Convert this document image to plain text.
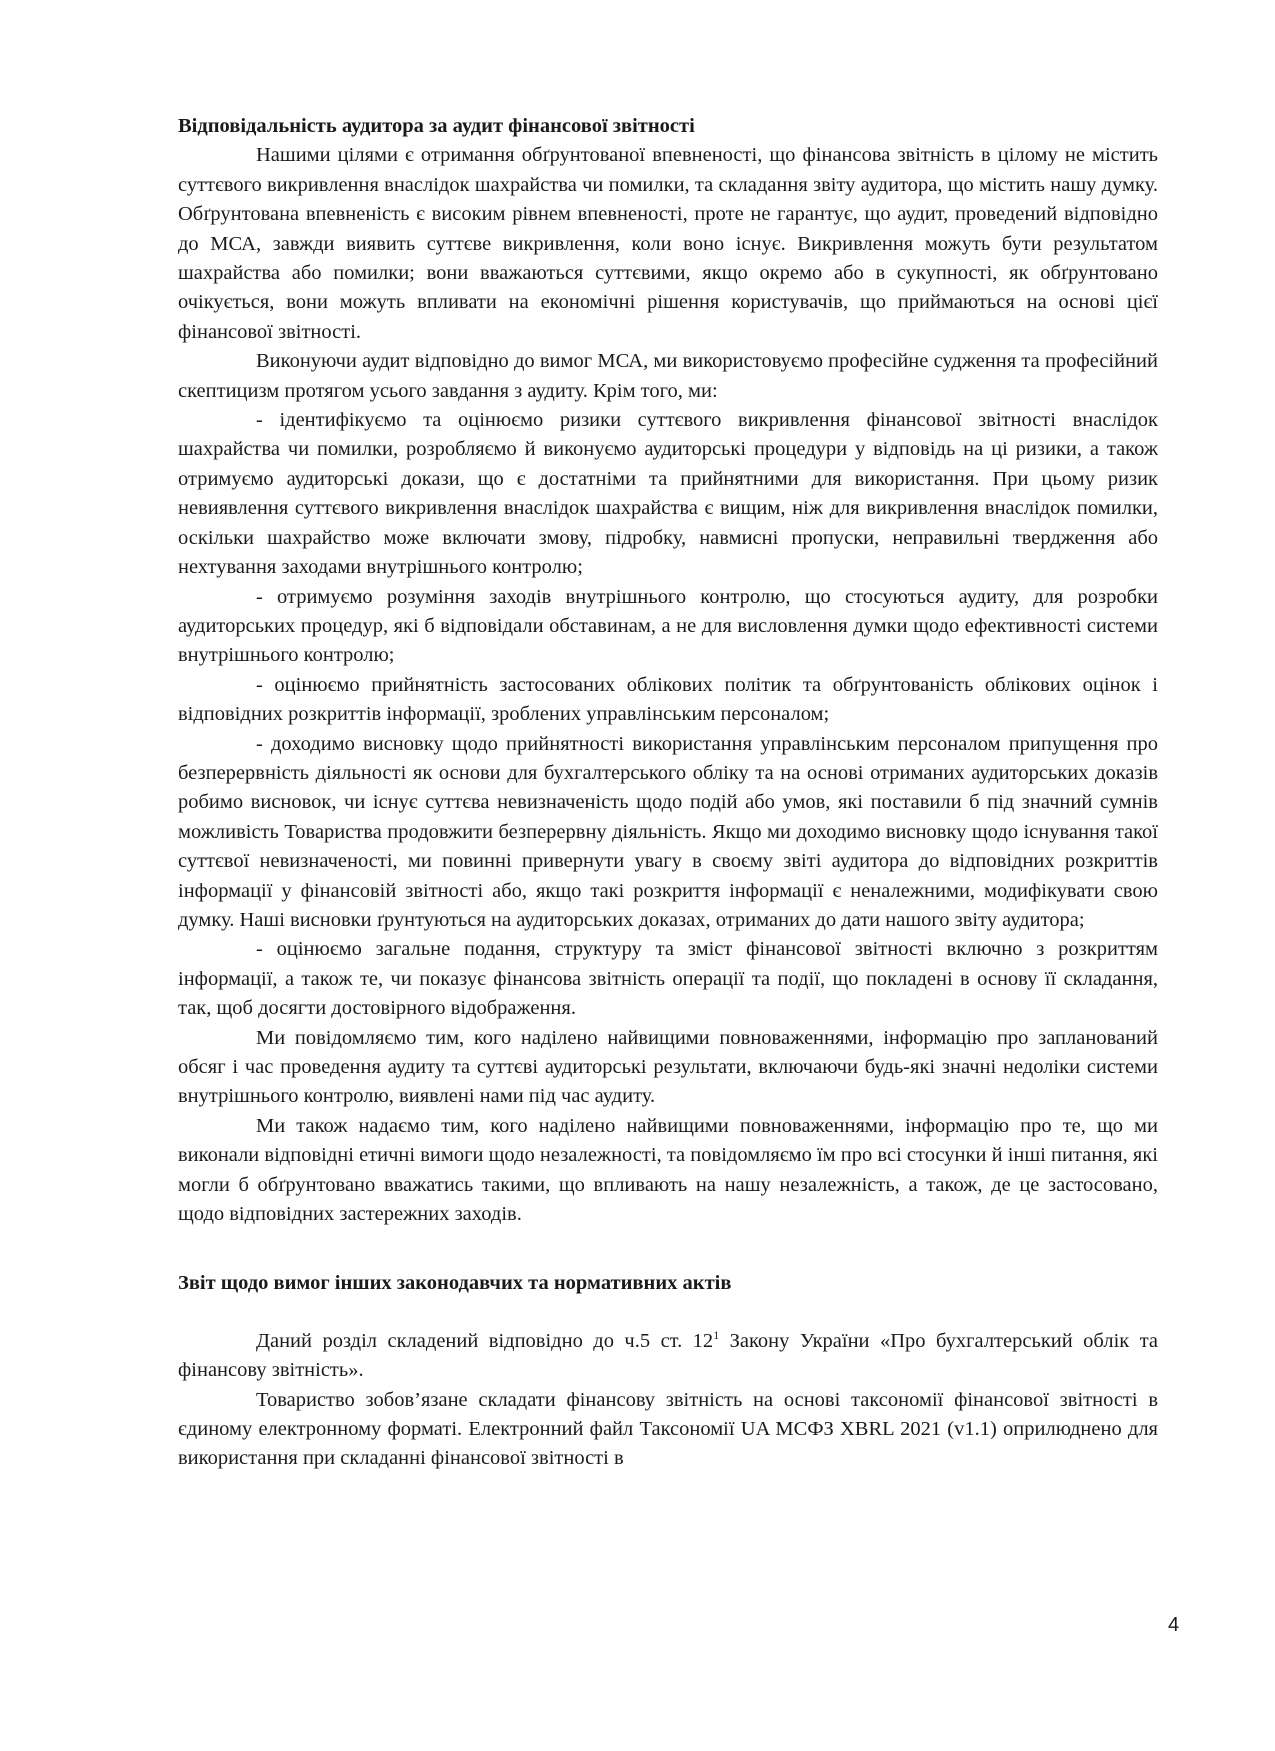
Відповідальність аудитора за аудит фінансової звітності

Нашими цілями є отримання обґрунтованої впевненості, що фінансова звітність в цілому не містить суттєвого викривлення внаслідок шахрайства чи помилки, та складання звіту аудитора, що містить нашу думку. Обґрунтована впевненість є високим рівнем впевненості, проте не гарантує, що аудит, проведений відповідно до МСА, завжди виявить суттєве викривлення, коли воно існує. Викривлення можуть бути результатом шахрайства або помилки; вони вважаються суттєвими, якщо окремо або в сукупності, як обґрунтовано очікується, вони можуть впливати на економічні рішення користувачів, що приймаються на основі цієї фінансової звітності.

Виконуючи аудит відповідно до вимог МСА, ми використовуємо професійне судження та професійний скептицизм протягом усього завдання з аудиту. Крім того, ми:

- ідентифікуємо та оцінюємо ризики суттєвого викривлення фінансової звітності внаслідок шахрайства чи помилки, розробляємо й виконуємо аудиторські процедури у відповідь на ці ризики, а також отримуємо аудиторські докази, що є достатніми та прийнятними для використання. При цьому ризик невиявлення суттєвого викривлення внаслідок шахрайства є вищим, ніж для викривлення внаслідок помилки, оскільки шахрайство може включати змову, підробку, навмисні пропуски, неправильні твердження або нехтування заходами внутрішнього контролю;

- отримуємо розуміння заходів внутрішнього контролю, що стосуються аудиту, для розробки аудиторських процедур, які б відповідали обставинам, а не для висловлення думки щодо ефективності системи внутрішнього контролю;

- оцінюємо прийнятність застосованих облікових політик та обґрунтованість облікових оцінок і відповідних розкриттів інформації, зроблених управлінським персоналом;

- доходимо висновку щодо прийнятності використання управлінським персоналом припущення про безперервність діяльності як основи для бухгалтерського обліку та на основі отриманих аудиторських доказів робимо висновок, чи існує суттєва невизначеність щодо подій або умов, які поставили б під значний сумнів можливість Товариства продовжити безперервну діяльність. Якщо ми доходимо висновку щодо існування такої суттєвої невизначеності, ми повинні привернути увагу в своєму звіті аудитора до відповідних розкриттів інформації у фінансовій звітності або, якщо такі розкриття інформації є неналежними, модифікувати свою думку. Наші висновки ґрунтуються на аудиторських доказах, отриманих до дати нашого звіту аудитора;

- оцінюємо загальне подання, структуру та зміст фінансової звітності включно з розкриттям інформації, а також те, чи показує фінансова звітність операції та події, що покладені в основу її складання, так, щоб досягти достовірного відображення.

Ми повідомляємо тим, кого наділено найвищими повноваженнями, інформацію про запланований обсяг і час проведення аудиту та суттєві аудиторські результати, включаючи будь-які значні недоліки системи внутрішнього контролю, виявлені нами під час аудиту.

Ми також надаємо тим, кого наділено найвищими повноваженнями, інформацію про те, що ми виконали відповідні етичні вимоги щодо незалежності, та повідомляємо їм про всі стосунки й інші питання, які могли б обґрунтовано вважатись такими, що впливають на нашу незалежність, а також, де це застосовано, щодо відповідних застережних заходів.

Звіт щодо вимог інших законодавчих та нормативних актів

Даний розділ складений відповідно до ч.5 ст. $12^1$ Закону України «Про бухгалтерський облік та фінансову звітність».

Товариство зобов’язане складати фінансову звітність на основі таксономії фінансової звітності в єдиному електронному форматі. Електронний файл Таксономії UA МСФЗ XBRL 2021 (v1.1) оприлюднено для використання при складанні фінансової звітності в

4
